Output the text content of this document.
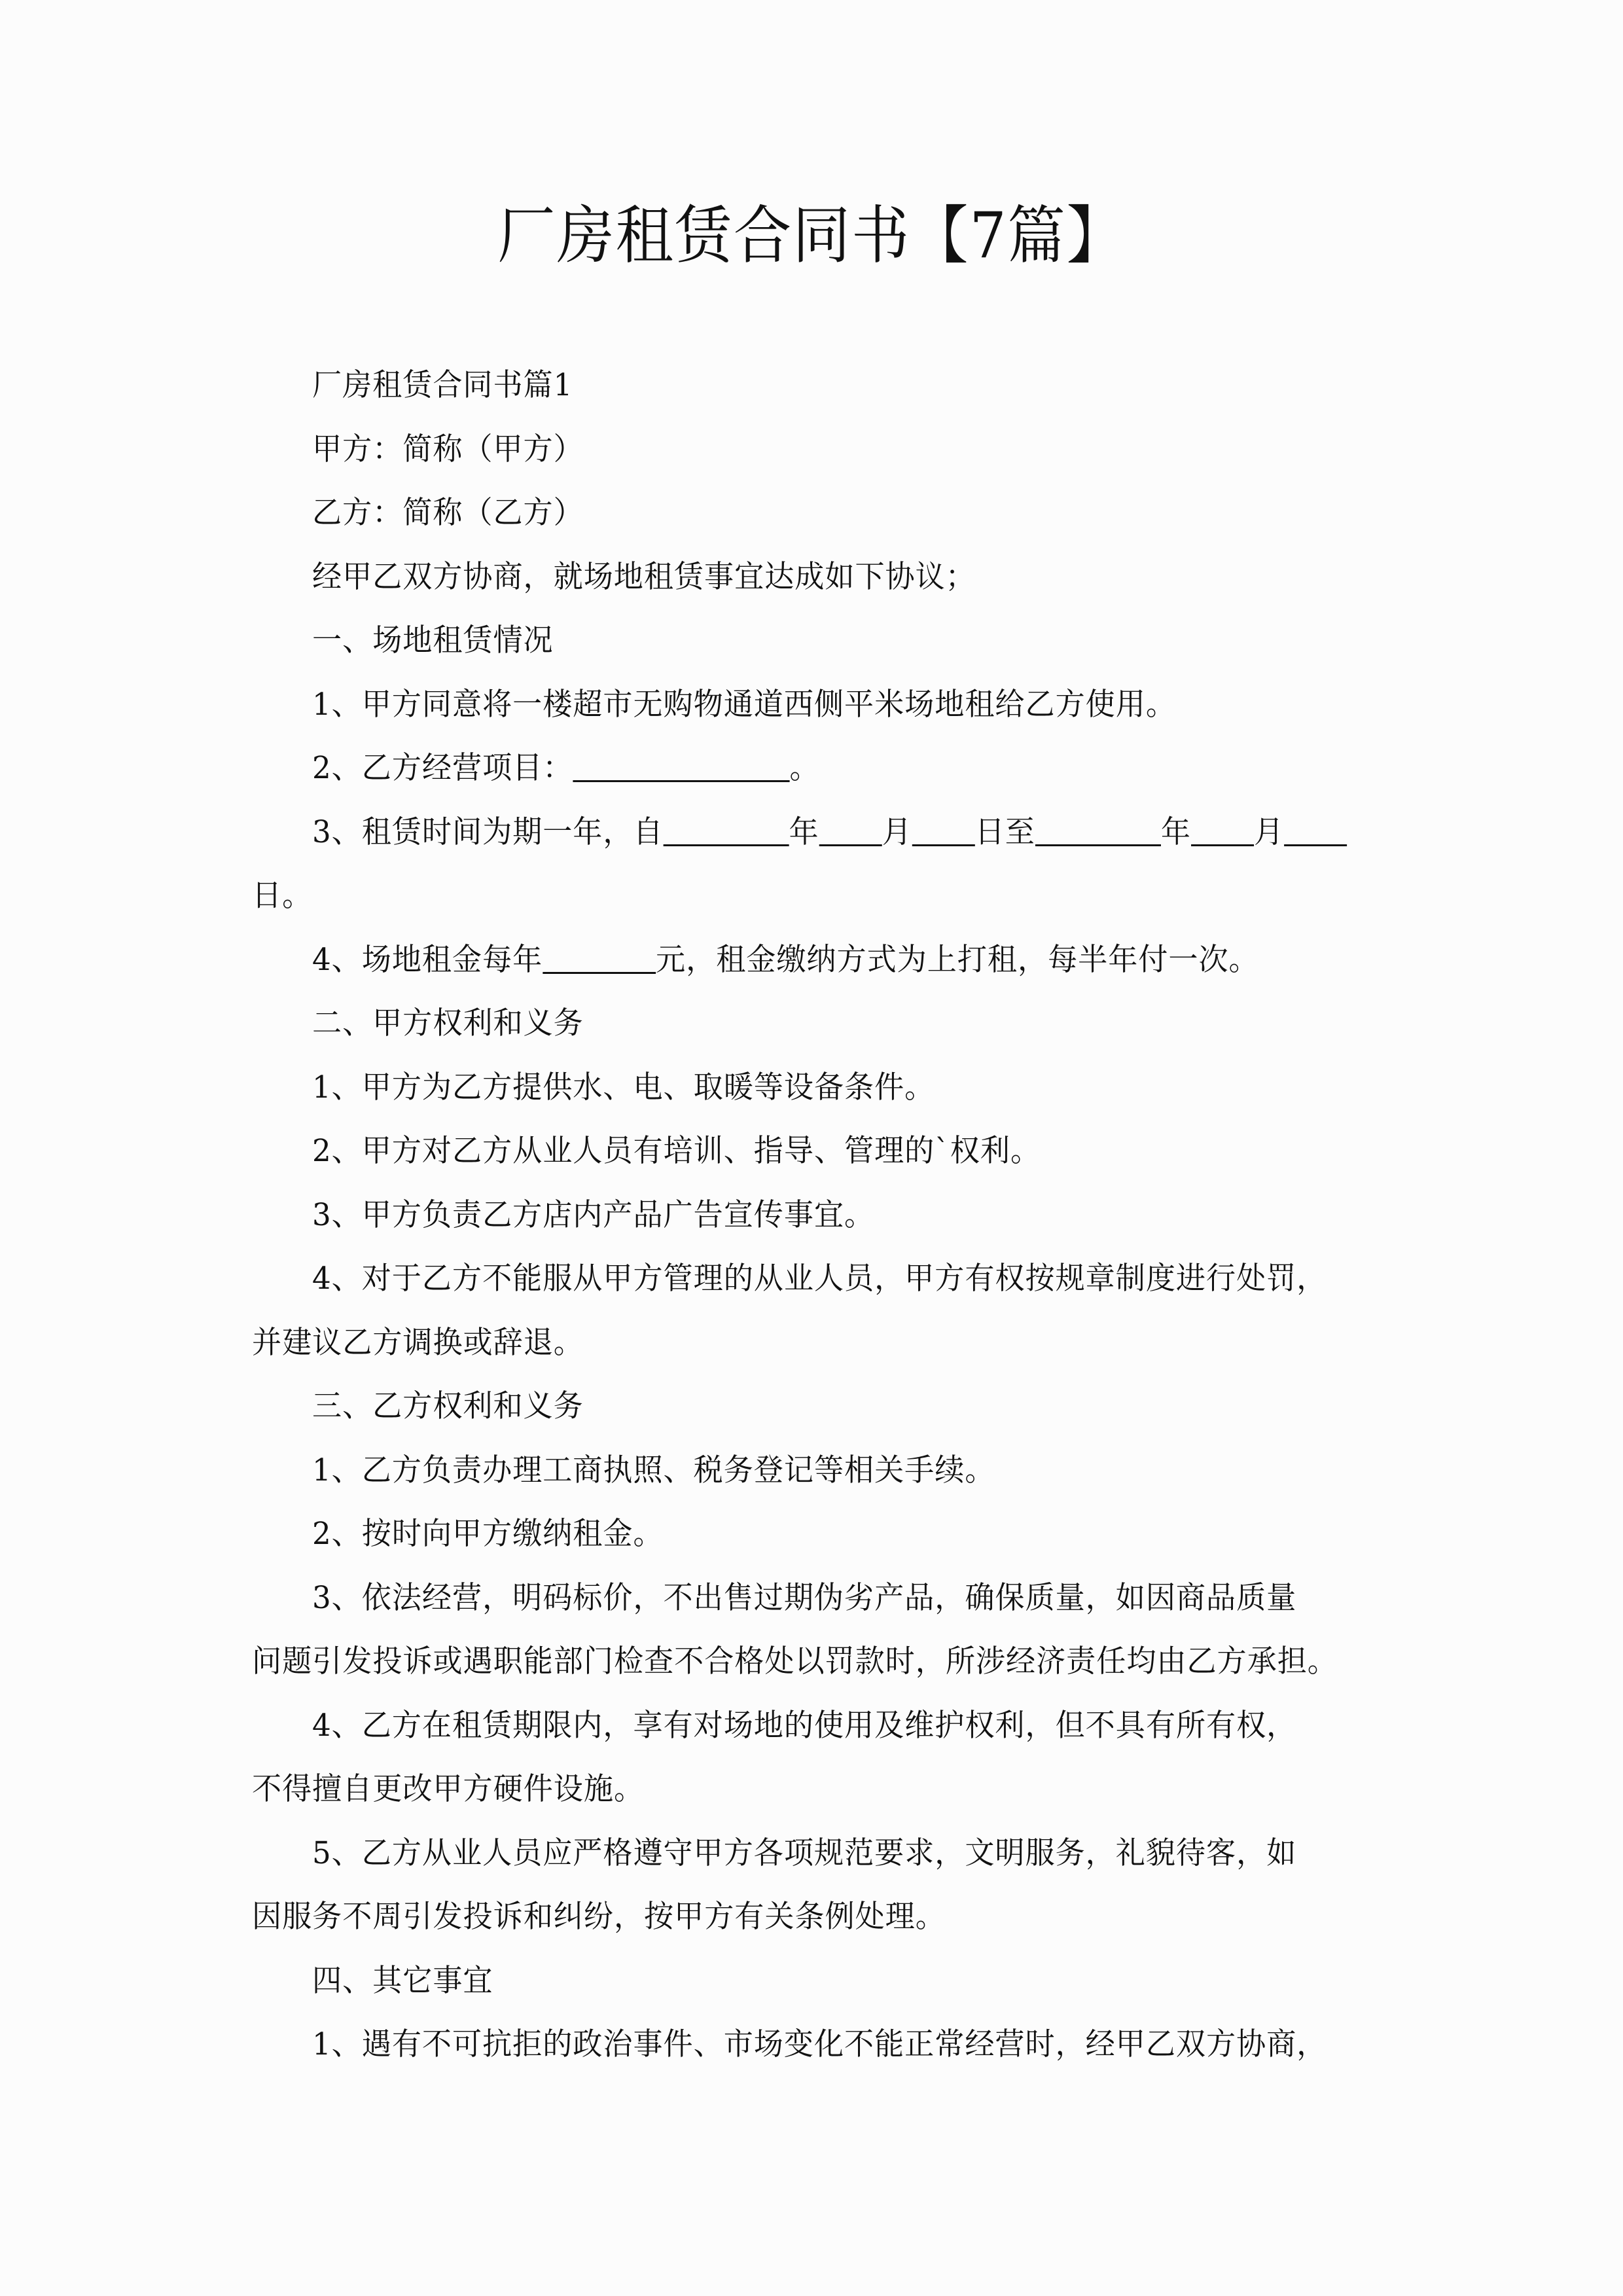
厂房租赁合同书【7篇】
厂房租赁合同书篇1
甲方：简称（甲方）
乙方：简称（乙方）
经甲乙双方协商，就场地租赁事宜达成如下协议；
一、场地租赁情况
1、甲方同意将一楼超市无购物通道西侧平米场地租给乙方使用。
2、乙方经营项目：	。
3、租赁时间为期一年，自	年 月 日至	年 月
日。
4、场地租金每年	元，租金缴纳方式为上打租，每半年付一次。
二、甲方权利和义务
1、甲方为乙方提供水、电、取暖等设备条件。
2、甲方对乙方从业人员有培训、指导、管理的`权利。
3、甲方负责乙方店内产品广告宣传事宜。
4、对于乙方不能服从甲方管理的从业人员，甲方有权按规章制度进行处罚，
并建议乙方调换或辞退。
三、乙方权利和义务
1、乙方负责办理工商执照、税务登记等相关手续。
2、按时向甲方缴纳租金。
3、依法经营，明码标价，不出售过期伪劣产品，确保质量，如因商品质量
问题引发投诉或遇职能部门检查不合格处以罚款时，所涉经济责任均由乙方承担。
4、乙方在租赁期限内，享有对场地的使用及维护权利，但不具有所有权，
不得擅自更改甲方硬件设施。
5、乙方从业人员应严格遵守甲方各项规范要求，文明服务，礼貌待客，如
因服务不周引发投诉和纠纷，按甲方有关条例处理。
四、其它事宜
1、遇有不可抗拒的政治事件、市场变化不能正常经营时，经甲乙双方协商，
